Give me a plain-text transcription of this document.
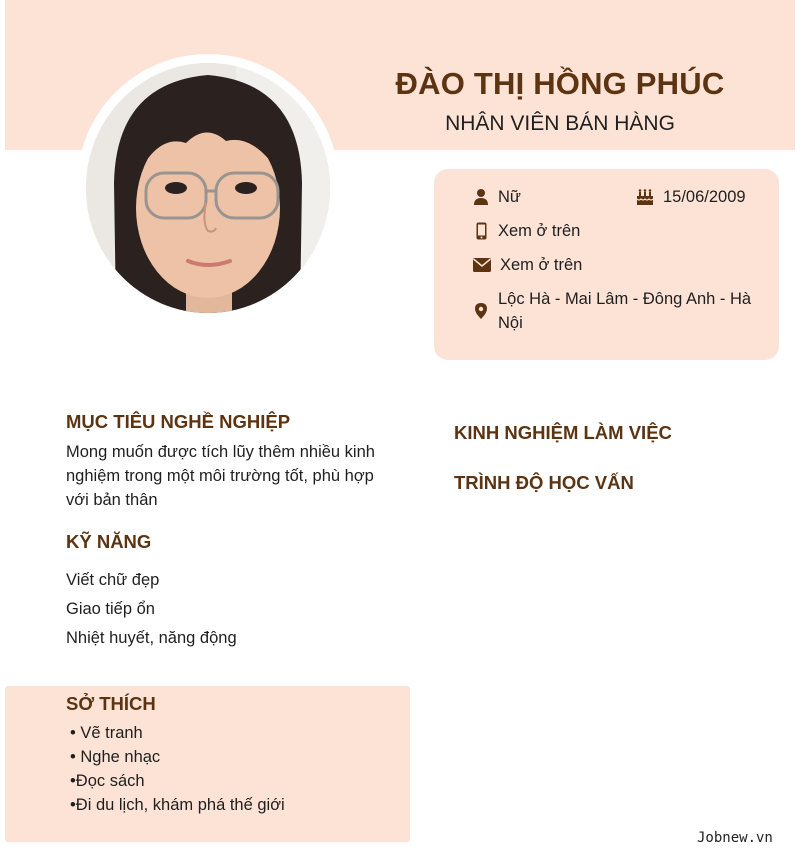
ĐÀO THỊ HỒNG PHÚC
NHÂN VIÊN BÁN HÀNG
Nữ	15/06/2009
Xem ở trên
Xem ở trên
Lộc Hà - Mai Lâm - Đông Anh - Hà
Nội
MỤC TIÊU NGHỀ NGHIỆP
Mong muốn được tích lũy thêm nhiều kinh
nghiệm trong một môi trường tốt, phù hợp
với bản thân
KỸ NĂNG
Viết chữ đẹp
Giao tiếp ổn
Nhiệt huyết, năng động
SỞ THÍCH
• Vẽ tranh
• Nghe nhạc
•Đọc sách
•Đi du lịch, khám phá thế giới
KINH NGHIỆM LÀM VIỆC
TRÌNH ĐỘ HỌC VẤN
Jobnew.vn
